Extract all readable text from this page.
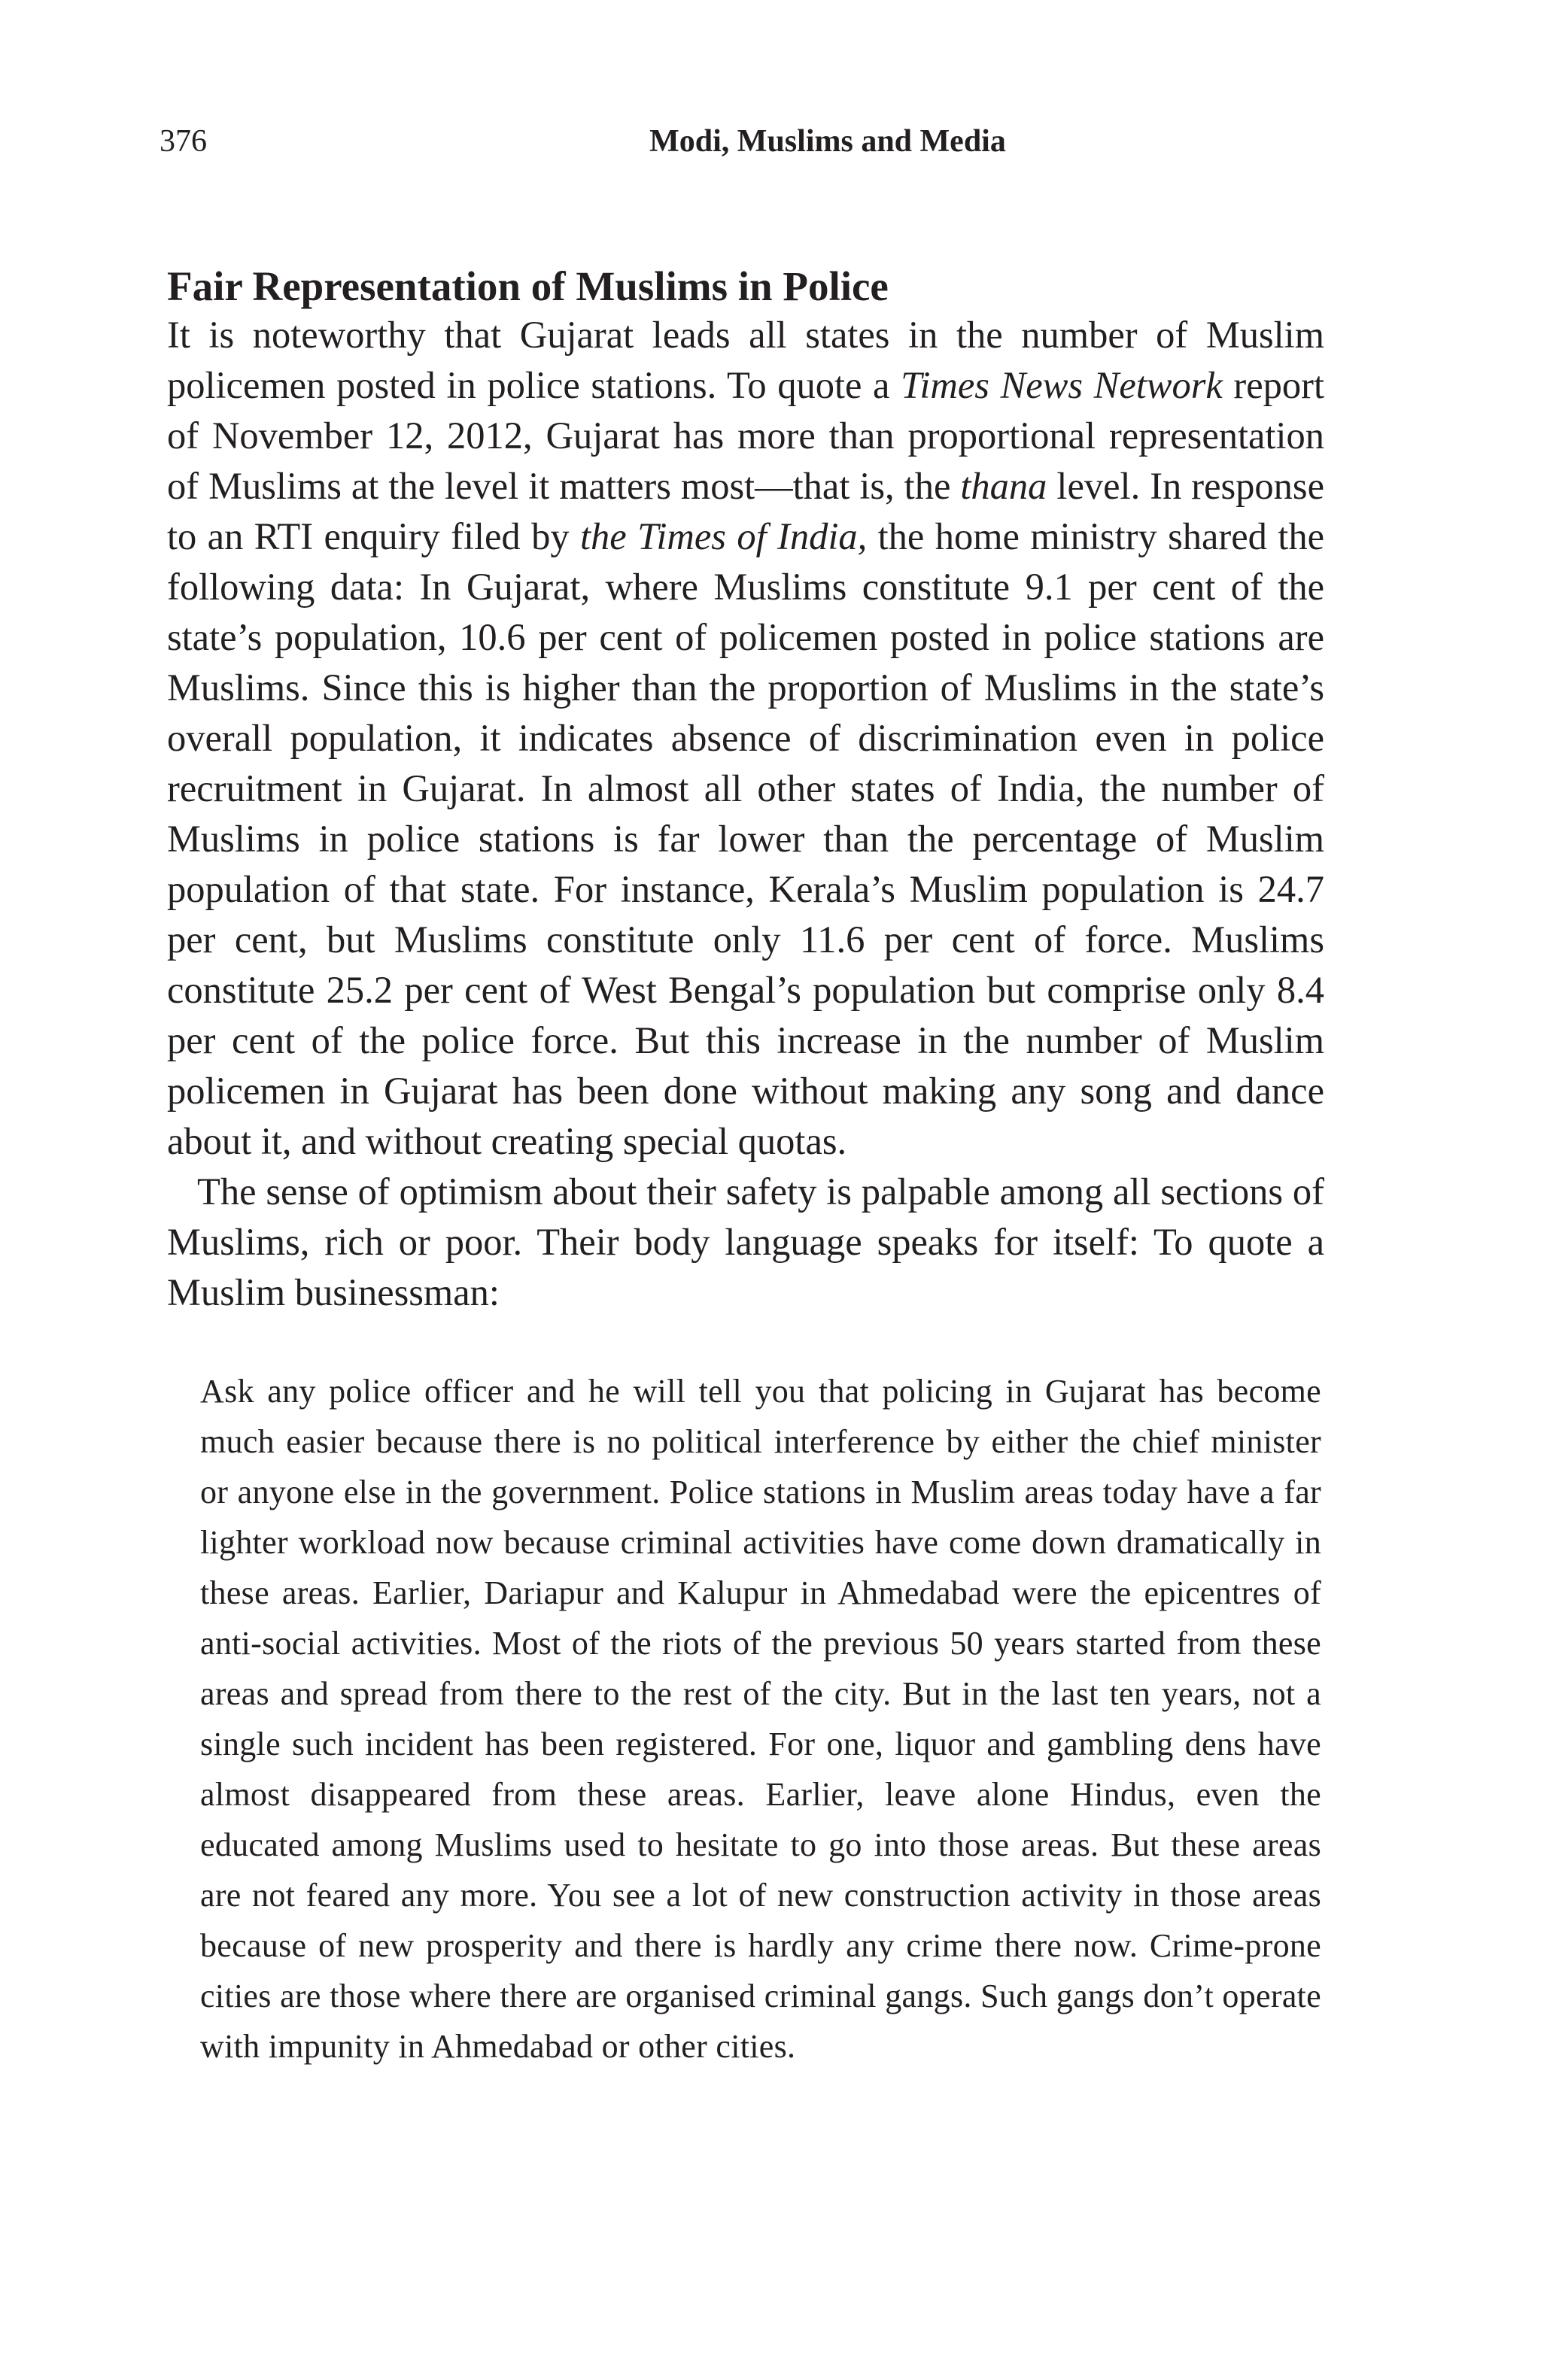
376	Modi, Muslims and Media
Fair Representation of Muslims in Police

It is noteworthy that Gujarat leads all states in the number of Muslim policemen posted in police stations. To quote a Times News Network report of November 12, 2012, Gujarat has more than proportional representation of Muslims at the level it matters most—that is, the thana level. In response to an RTI enquiry filed by the Times of India, the home ministry shared the following data: In Gujarat, where Muslims constitute 9.1 per cent of the state’s population, 10.6 per cent of policemen posted in police stations are Muslims. Since this is higher than the proportion of Muslims in the state’s overall population, it indicates absence of discrimination even in police recruitment in Gujarat. In almost all other states of India, the number of Muslims in police stations is far lower than the percentage of Muslim population of that state. For instance, Kerala’s Muslim population is 24.7 per cent, but Muslims constitute only 11.6 per cent of force. Muslims constitute 25.2 per cent of West Bengal’s population but comprise only 8.4 per cent of the police force. But this increase in the number of Muslim policemen in Gujarat has been done without making any song and dance about it, and without creating special quotas.

The sense of optimism about their safety is palpable among all sections of Muslims, rich or poor. Their body language speaks for itself: To quote a Muslim businessman:

Ask any police officer and he will tell you that policing in Gujarat has become much easier because there is no political interference by either the chief minister or anyone else in the government. Police stations in Muslim areas today have a far lighter workload now because criminal activities have come down dramatically in these areas. Earlier, Dariapur and Kalupur in Ahmedabad were the epicentres of anti-social activities. Most of the riots of the previous 50 years started from these areas and spread from there to the rest of the city. But in the last ten years, not a single such incident has been registered. For one, liquor and gambling dens have almost disappeared from these areas. Earlier, leave alone Hindus, even the educated among Muslims used to hesitate to go into those areas. But these areas are not feared any more. You see a lot of new construction activity in those areas because of new prosperity and there is hardly any crime there now. Crime-prone cities are those where there are organised criminal gangs. Such gangs don’t operate with impunity in Ahmedabad or other cities.
